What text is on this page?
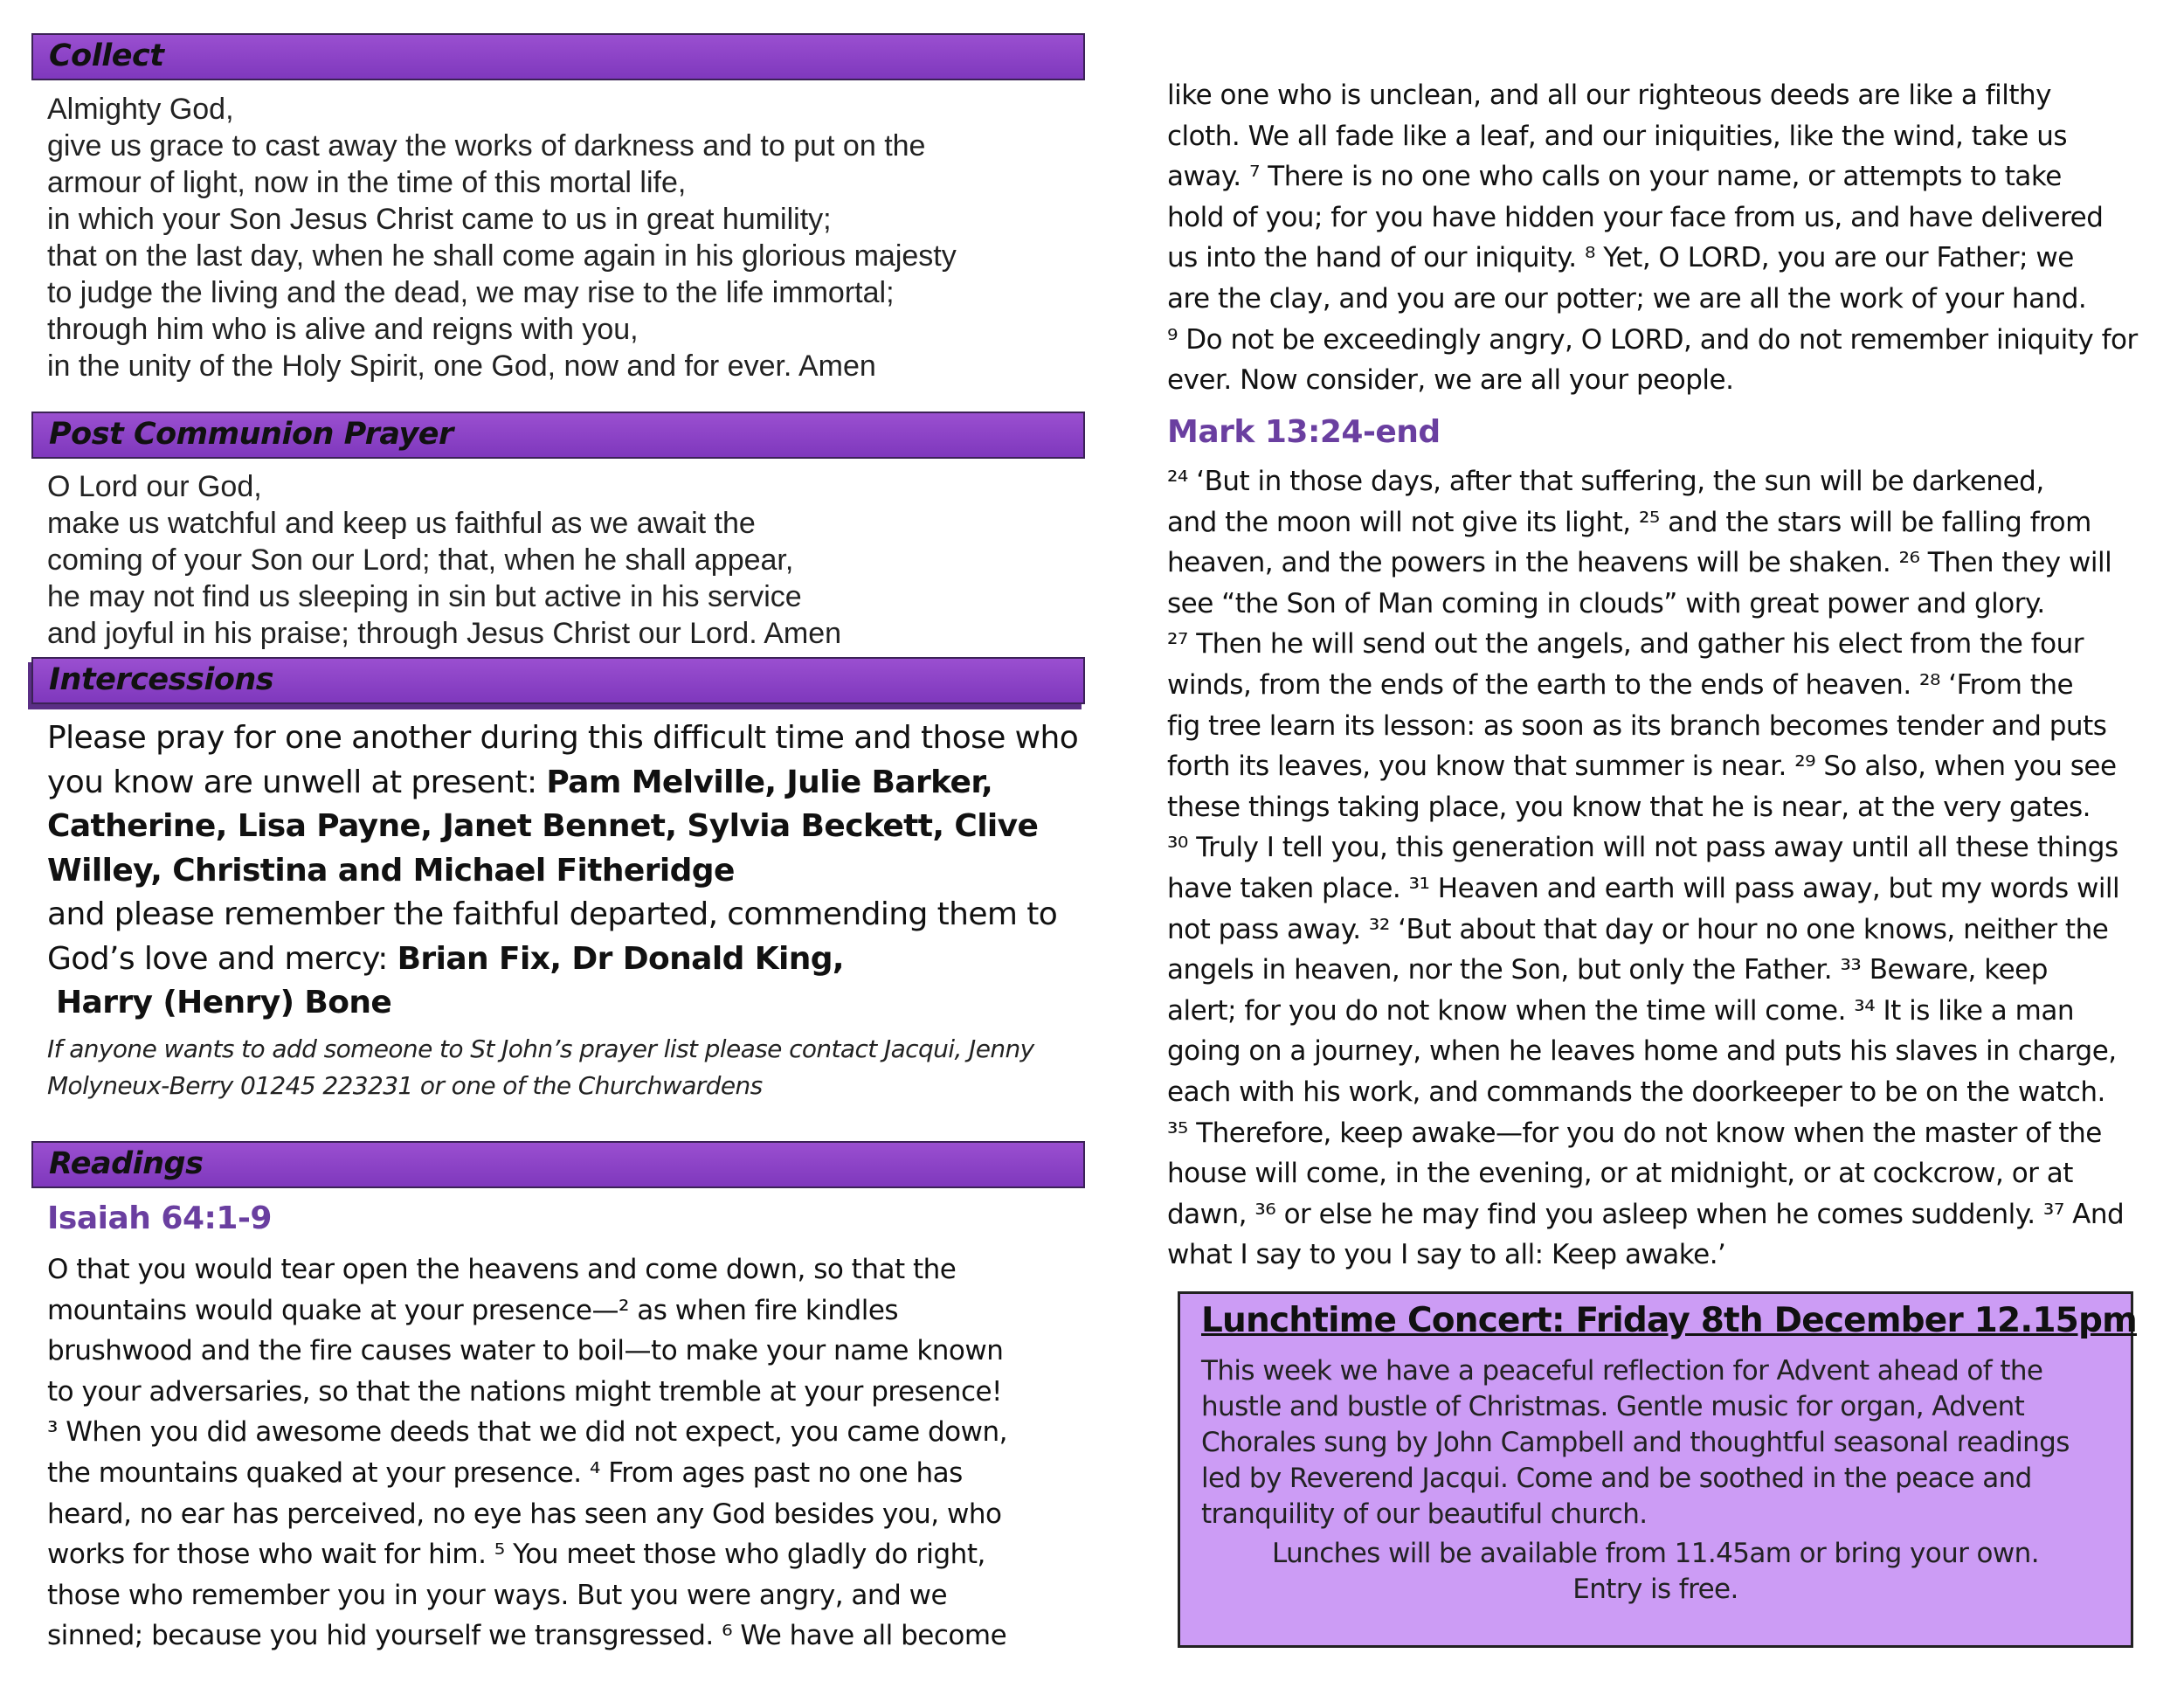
Collect
Almighty God,
give us grace to cast away the works of darkness and to put on the
armour of light, now in the time of this mortal life,
in which your Son Jesus Christ came to us in great humility;
that on the last day, when he shall come again in his glorious majesty
to judge the living and the dead, we may rise to the life immortal;
through him who is alive and reigns with you,
in the unity of the Holy Spirit, one God, now and for ever. Amen
Post Communion Prayer
O Lord our God,
make us watchful and keep us faithful as we await the
coming of your Son our Lord; that, when he shall appear,
he may not find us sleeping in sin but active in his service
and joyful in his praise; through Jesus Christ our Lord. Amen
Intercessions

Please pray for one another during this difficult time and those who you know are unwell at present: Pam Melville, Julie Barker, Catherine, Lisa Payne, Janet Bennet, Sylvia Beckett, Clive Willey, Christina and Michael Fitheridge
and please remember the faithful departed, commending them to God’s love and mercy: Brian Fix, Dr Donald King,
Harry (Henry) Bone

If anyone wants to add someone to St John’s prayer list please contact Jacqui, Jenny Molyneux-Berry 01245 223231 or one of the Churchwardens

Readings

Isaiah 64:1-9

O that you would tear open the heavens and come down, so that the
mountains would quake at your presence—² as when fire kindles
brushwood and the fire causes water to boil—to make your name known
to your adversaries, so that the nations might tremble at your presence!
³ When you did awesome deeds that we did not expect, you came down,
the mountains quaked at your presence. ⁴ From ages past no one has
heard, no ear has perceived, no eye has seen any God besides you, who
works for those who wait for him. ⁵ You meet those who gladly do right,
those who remember you in your ways. But you were angry, and we
sinned; because you hid yourself we transgressed. ⁶ We have all become
like one who is unclean, and all our righteous deeds are like a filthy
cloth. We all fade like a leaf, and our iniquities, like the wind, take us
away. ⁷ There is no one who calls on your name, or attempts to take
hold of you; for you have hidden your face from us, and have delivered
us into the hand of our iniquity. ⁸ Yet, O LORD, you are our Father; we
are the clay, and you are our potter; we are all the work of your hand.
⁹ Do not be exceedingly angry, O LORD, and do not remember iniquity for
ever. Now consider, we are all your people.

Mark 13:24-end

²⁴ ‘But in those days, after that suffering, the sun will be darkened,
and the moon will not give its light, ²⁵ and the stars will be falling from
heaven, and the powers in the heavens will be shaken. ²⁶ Then they will
see “the Son of Man coming in clouds” with great power and glory.
²⁷ Then he will send out the angels, and gather his elect from the four
winds, from the ends of the earth to the ends of heaven. ²⁸ ‘From the
fig tree learn its lesson: as soon as its branch becomes tender and puts
forth its leaves, you know that summer is near. ²⁹ So also, when you see
these things taking place, you know that he is near, at the very gates.
³⁰ Truly I tell you, this generation will not pass away until all these things
have taken place. ³¹ Heaven and earth will pass away, but my words will
not pass away. ³² ‘But about that day or hour no one knows, neither the
angels in heaven, nor the Son, but only the Father. ³³ Beware, keep
alert; for you do not know when the time will come. ³⁴ It is like a man
going on a journey, when he leaves home and puts his slaves in charge,
each with his work, and commands the doorkeeper to be on the watch.
³⁵ Therefore, keep awake—for you do not know when the master of the
house will come, in the evening, or at midnight, or at cockcrow, or at
dawn, ³⁶ or else he may find you asleep when he comes suddenly. ³⁷ And
what I say to you I say to all: Keep awake.’
Lunchtime Concert: Friday 8th December 12.15pm
This week we have a peaceful reflection for Advent ahead of the
hustle and bustle of Christmas. Gentle music for organ, Advent
Chorales sung by John Campbell and thoughtful seasonal readings
led by Reverend Jacqui. Come and be soothed in the peace and
tranquility of our beautiful church.
Lunches will be available from 11.45am or bring your own.
Entry is free.
